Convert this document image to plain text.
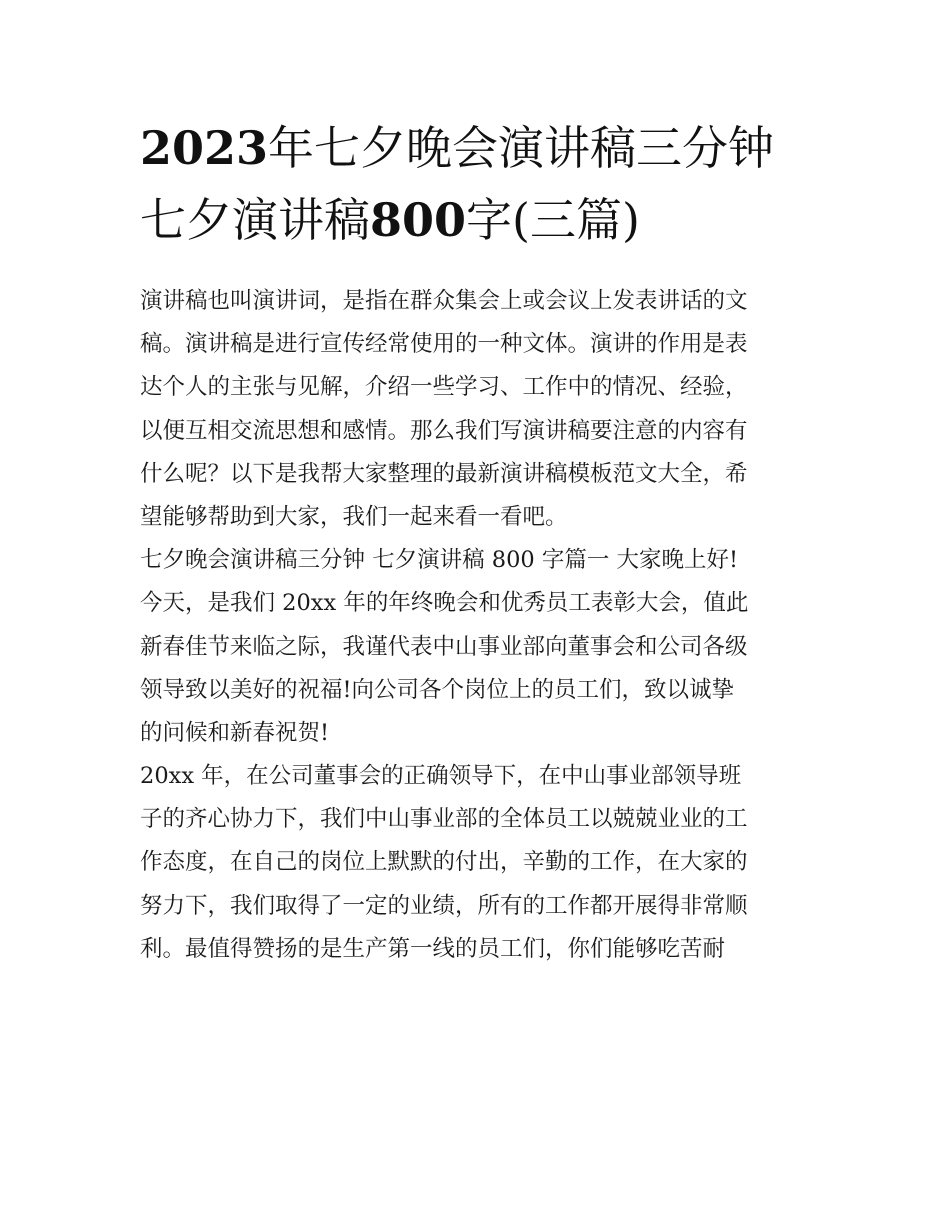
2023年七夕晚会演讲稿三分钟
七夕演讲稿800字(三篇)
演讲稿也叫演讲词，是指在群众集会上或会议上发表讲话的文
稿。演讲稿是进行宣传经常使用的一种文体。演讲的作用是表
达个人的主张与见解，介绍一些学习、工作中的情况、经验，
以便互相交流思想和感情。那么我们写演讲稿要注意的内容有
什么呢？以下是我帮大家整理的最新演讲稿模板范文大全，希
望能够帮助到大家，我们一起来看一看吧。
七夕晚会演讲稿三分钟 七夕演讲稿 800 字篇一 大家晚上好!
今天，是我们 20xx 年的年终晚会和优秀员工表彰大会，值此
新春佳节来临之际，我谨代表中山事业部向董事会和公司各级
领导致以美好的祝福!向公司各个岗位上的员工们，致以诚挚
的问候和新春祝贺!
20xx 年，在公司董事会的正确领导下，在中山事业部领导班
子的齐心协力下，我们中山事业部的全体员工以兢兢业业的工
作态度，在自己的岗位上默默的付出，辛勤的工作，在大家的
努力下，我们取得了一定的业绩，所有的工作都开展得非常顺
利。最值得赞扬的是生产第一线的员工们，你们能够吃苦耐
